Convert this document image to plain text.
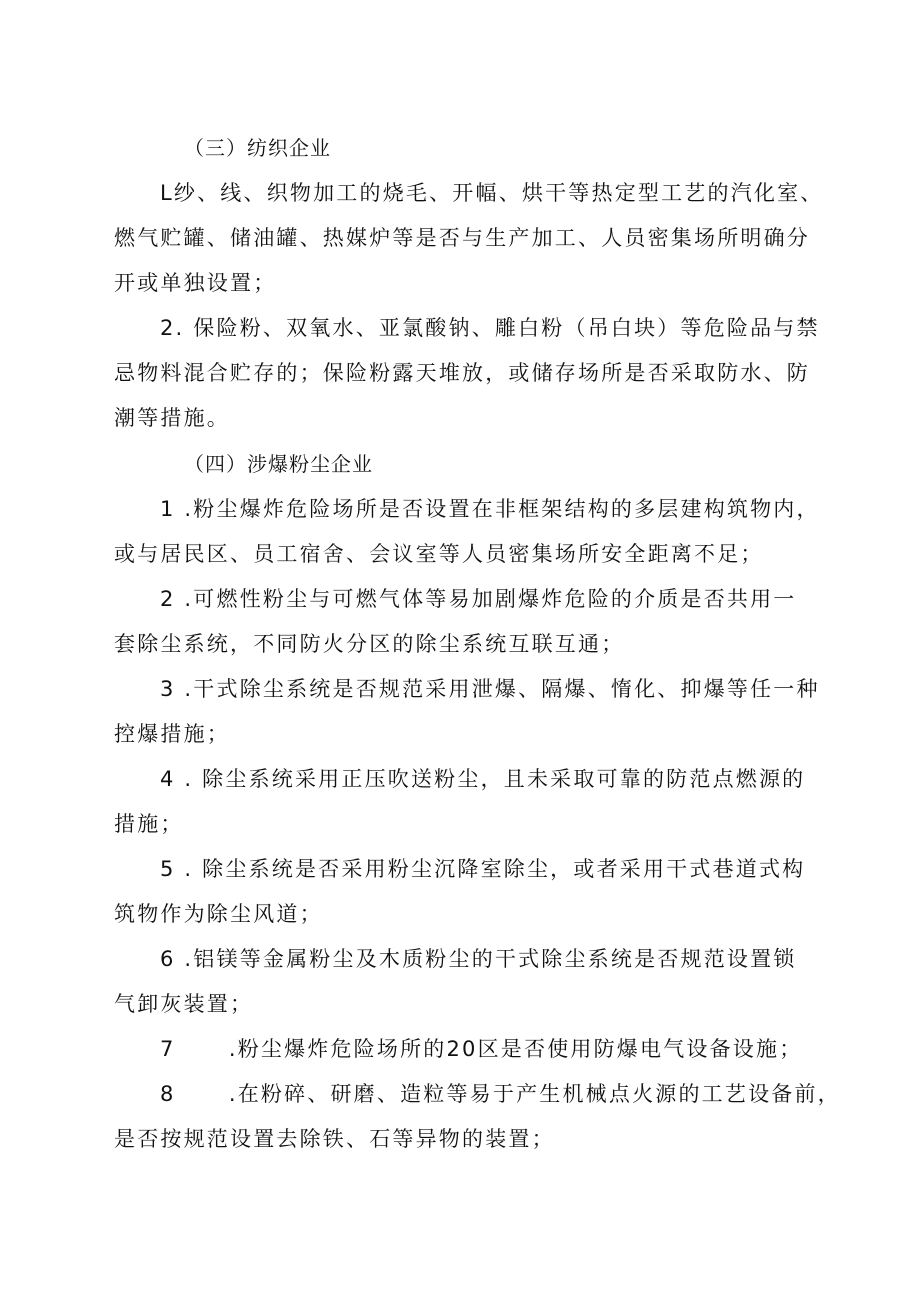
（三）纺织企业
L纱、线、织物加工的烧毛、开幅、烘干等热定型工艺的汽化室、
燃气贮罐、储油罐、热媒炉等是否与生产加工、人员密集场所明确分
开或单独设置；
2. 保险粉、双氧水、亚氯酸钠、雕白粉（吊白块）等危险品与禁
忌物料混合贮存的；保险粉露天堆放，或储存场所是否采取防水、防
潮等措施。
（四）涉爆粉尘企业
1 .粉尘爆炸危险场所是否设置在非框架结构的多层建构筑物内，
或与居民区、员工宿舍、会议室等人员密集场所安全距离不足；
2 .可燃性粉尘与可燃气体等易加剧爆炸危险的介质是否共用一
套除尘系统，不同防火分区的除尘系统互联互通；
3 .干式除尘系统是否规范采用泄爆、隔爆、惰化、抑爆等任一种
控爆措施；
4 . 除尘系统采用正压吹送粉尘，且未采取可靠的防范点燃源的
措施；
5 . 除尘系统是否采用粉尘沉降室除尘，或者采用干式巷道式构
筑物作为除尘风道；
6 .铝镁等金属粉尘及木质粉尘的干式除尘系统是否规范设置锁
气卸灰装置；
7      .粉尘爆炸危险场所的20区是否使用防爆电气设备设施；
8      .在粉碎、研磨、造粒等易于产生机械点火源的工艺设备前，
是否按规范设置去除铁、石等异物的装置；
